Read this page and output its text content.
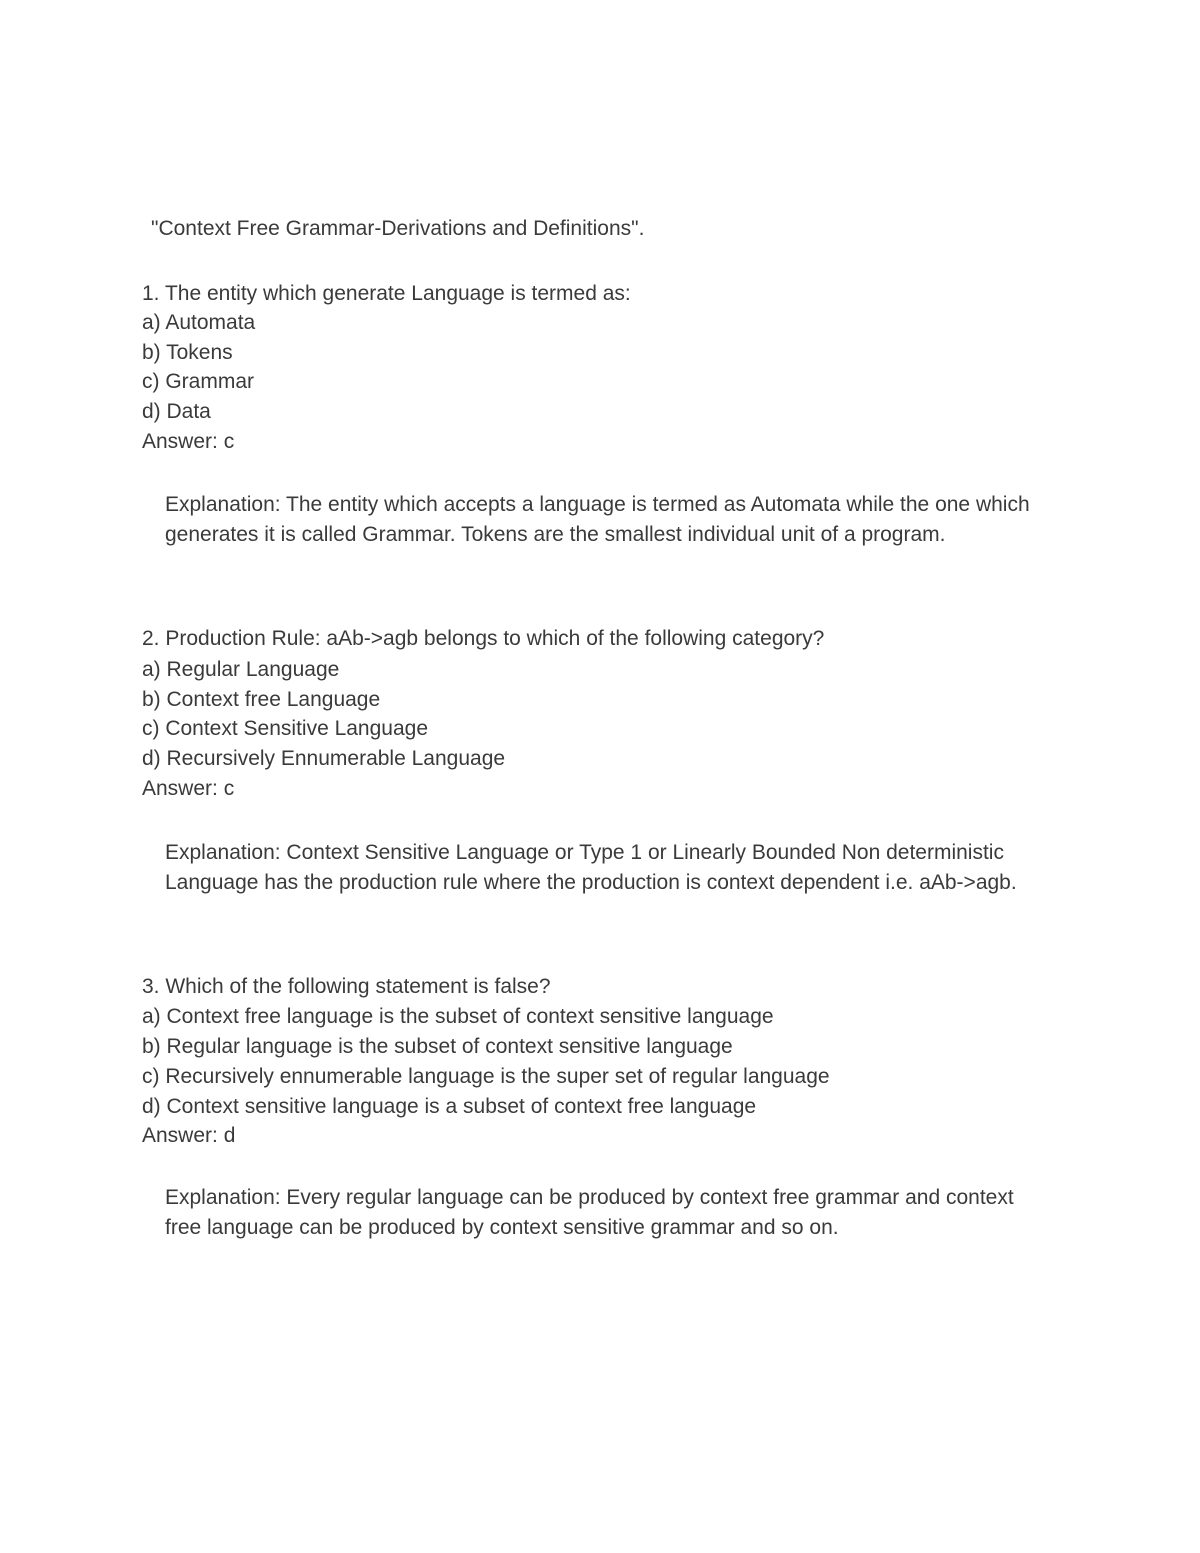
"Context Free Grammar-Derivations and Definitions".
1. The entity which generate Language is termed as:
a) Automata
b) Tokens
c) Grammar
d) Data
Answer: c
Explanation: The entity which accepts a language is termed as Automata while the one which generates it is called Grammar. Tokens are the smallest individual unit of a program.
2. Production Rule: aAb->agb belongs to which of the following category?
a) Regular Language
b) Context free Language
c) Context Sensitive Language
d) Recursively Ennumerable Language
Answer: c
Explanation: Context Sensitive Language or Type 1 or Linearly Bounded Non deterministic Language has the production rule where the production is context dependent i.e. aAb->agb.
3. Which of the following statement is false?
a) Context free language is the subset of context sensitive language
b) Regular language is the subset of context sensitive language
c) Recursively ennumerable language is the super set of regular language
d) Context sensitive language is a subset of context free language
Answer: d
Explanation: Every regular language can be produced by context free grammar and context free language can be produced by context sensitive grammar and so on.
